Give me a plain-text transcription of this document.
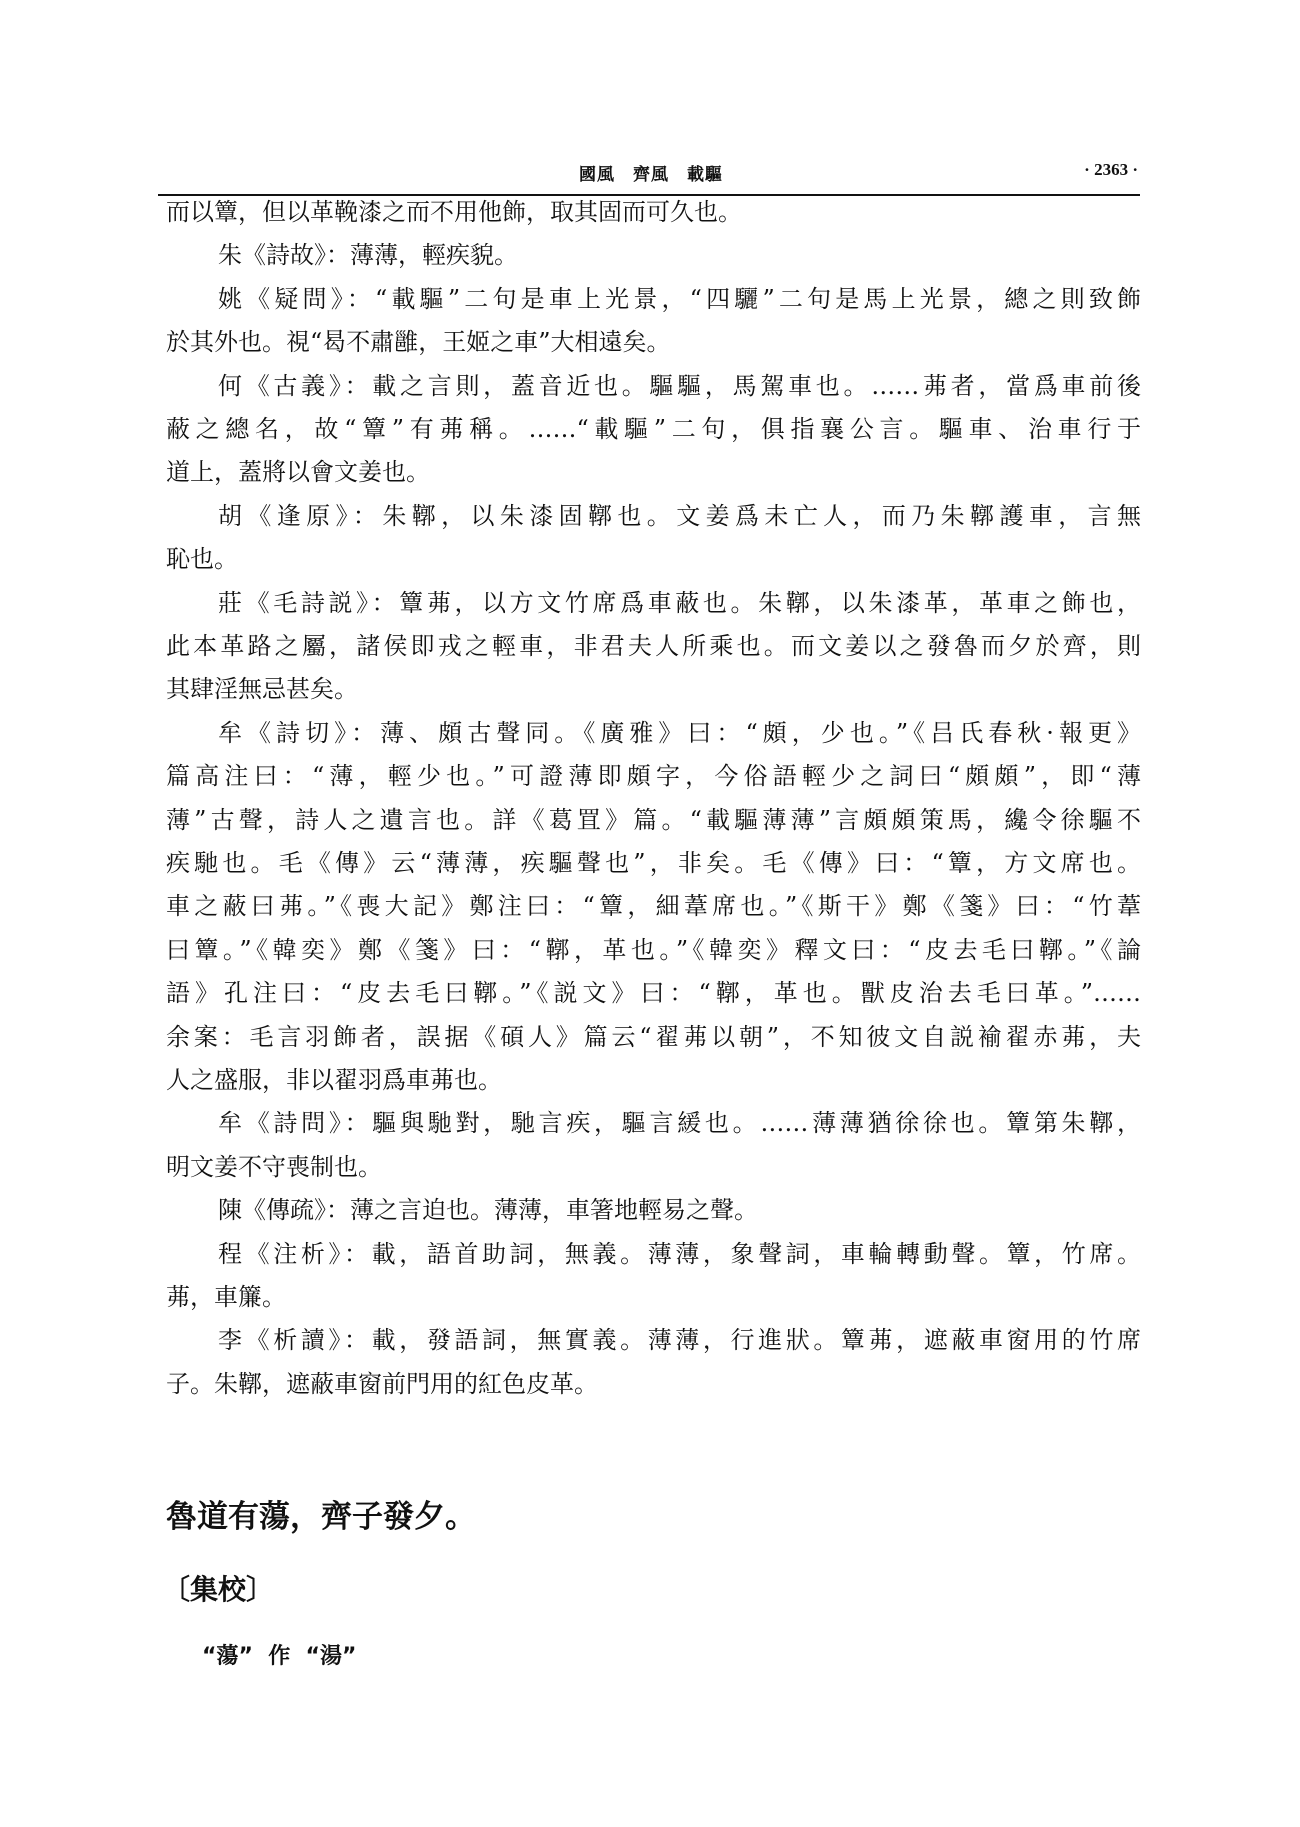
國風　齊風　載驅	· 2363 ·
而以簟，但以革鞔漆之而不用他飾，取其固而可久也。
朱《詩故》：薄薄，輕疾貌。
姚《疑問》：“載驅”二句是車上光景，“四驪”二句是馬上光景，總之則致飾
於其外也。視“曷不肅雝，王姬之車”大相遠矣。
何《古義》：載之言則，蓋音近也。驅驅，馬駕車也。……茀者，當爲車前後
蔽之總名，故“簟”有茀稱。……“載驅”二句，俱指襄公言。驅車、治車行于
道上，蓋將以會文姜也。
胡《逢原》：朱鞹，以朱漆固鞹也。文姜爲未亡人，而乃朱鞹護車，言無
恥也。
莊《毛詩説》：簟茀，以方文竹席爲車蔽也。朱鞹，以朱漆革，革車之飾也，
此本革路之屬，諸侯即戎之輕車，非君夫人所乘也。而文姜以之發魯而夕於齊，則
其肆淫無忌甚矣。
牟《詩切》：薄、頗古聲同。《廣雅》曰：“頗，少也。”《吕氏春秋·報更》
篇高注曰：“薄，輕少也。”可證薄即頗字，今俗語輕少之詞曰“頗頗”，即“薄
薄”古聲，詩人之遺言也。詳《葛罝》篇。“載驅薄薄”言頗頗策馬，纔令徐驅不
疾馳也。毛《傳》云“薄薄，疾驅聲也”，非矣。毛《傳》曰：“簟，方文席也。
車之蔽曰茀。”《喪大記》鄭注曰：“簟，細葦席也。”《斯干》鄭《箋》曰：“竹葦
曰簟。”《韓奕》鄭《箋》曰：“鞹，革也。”《韓奕》釋文曰：“皮去毛曰鞹。”《論
語》孔注曰：“皮去毛曰鞹。”《説文》曰：“鞹，革也。獸皮治去毛曰革。”……
余案：毛言羽飾者，誤据《碩人》篇云“翟茀以朝”，不知彼文自説褕翟赤茀，夫
人之盛服，非以翟羽爲車茀也。
牟《詩問》：驅與馳對，馳言疾，驅言緩也。……薄薄猶徐徐也。簟第朱鞹，
明文姜不守喪制也。
陳《傳疏》：薄之言迫也。薄薄，車箸地輕易之聲。
程《注析》：載，語首助詞，無義。薄薄，象聲詞，車輪轉動聲。簟，竹席。
茀，車簾。
李《析讀》：載，發語詞，無實義。薄薄，行進狀。簟茀，遮蔽車窗用的竹席
子。朱鞹，遮蔽車窗前門用的紅色皮革。
魯道有蕩，齊子發夕。
〔集校〕
“蕩”  作  “湯”
